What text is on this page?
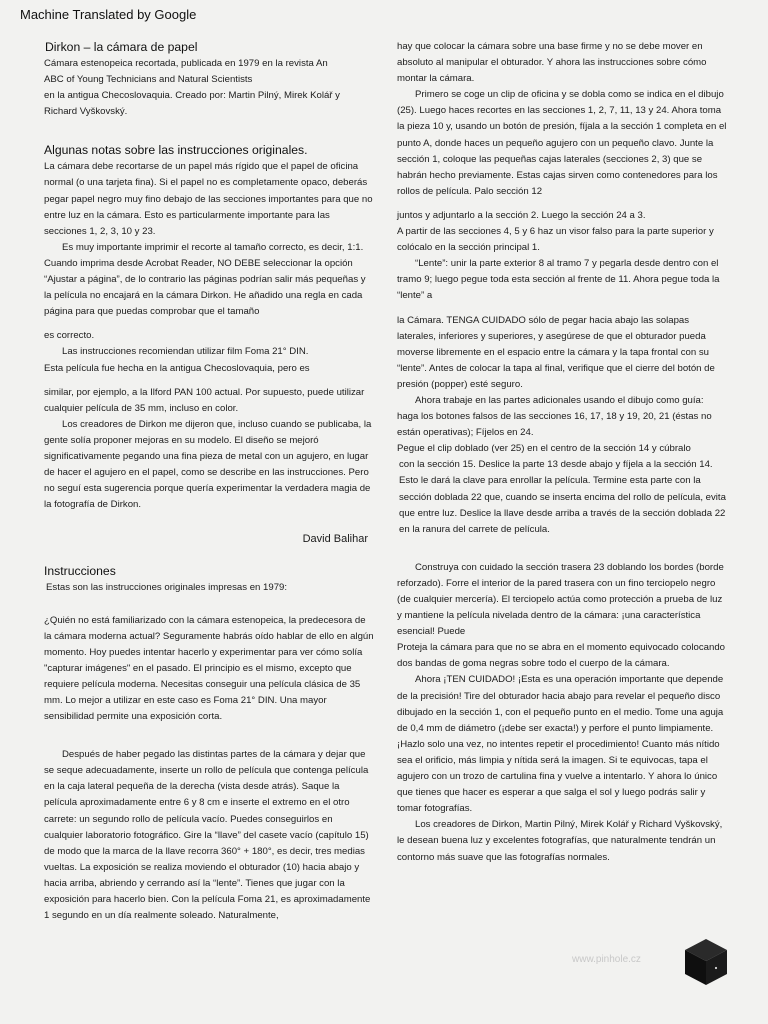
Machine Translated by Google

Dirkon – la cámara de papel

Cámara estenopeica recortada, publicada en 1979 en la revista An

ABC of Young Technicians and Natural Scientists

en la antigua Checoslovaquia. Creado por: Martin Pilný, Mirek Kolář y

Richard Vyškovský.

Algunas notas sobre las instrucciones originales.

La cámara debe recortarse de un papel más rígido que el papel de oficina normal (o una tarjeta fina). Si el papel no es completamente opaco, deberás pegar papel negro muy fino debajo de las secciones importantes para que no entre luz en la cámara. Esto es particularmente importante para las secciones 1, 2, 3, 10 y 23.

Es muy importante imprimir el recorte al tamaño correcto, es decir, 1:1. Cuando imprima desde Acrobat Reader, NO DEBE seleccionar la opción “Ajustar a página”, de lo contrario las páginas podrían salir más pequeñas y la película no encajará en la cámara Dirkon. He añadido una regla en cada página para que puedas comprobar que el tamaño

es correcto.

Las instrucciones recomiendan utilizar film Foma 21° DIN.

Esta película fue hecha en la antigua Checoslovaquia, pero es

similar, por ejemplo, a la Ilford PAN 100 actual. Por supuesto, puede utilizar cualquier película de 35 mm, incluso en color.

Los creadores de Dirkon me dijeron que, incluso cuando se publicaba, la gente solía proponer mejoras en su modelo. El diseño se mejoró significativamente pegando una fina pieza de metal con un agujero, en lugar de hacer el agujero en el papel, como se describe en las instrucciones. Pero no seguí esta sugerencia porque quería experimentar la verdadera magia de la fotografía de Dirkon.

David Balihar

Instrucciones

Estas son las instrucciones originales impresas en 1979:

¿Quién no está familiarizado con la cámara estenopeica, la predecesora de la cámara moderna actual? Seguramente habrás oído hablar de ello en algún momento. Hoy puedes intentar hacerlo y experimentar para ver cómo solía "capturar imágenes" en el pasado. El principio es el mismo, excepto que requiere película moderna. Necesitas conseguir una película clásica de 35 mm. Lo mejor a utilizar en este caso es Foma 21° DIN. Una mayor sensibilidad permite una exposición corta.

Después de haber pegado las distintas partes de la cámara y dejar que se seque adecuadamente, inserte un rollo de película que contenga película en la caja lateral pequeña de la derecha (vista desde atrás). Saque la película aproximadamente entre 6 y 8 cm e inserte el extremo en el otro carrete: un segundo rollo de película vacío. Puedes conseguirlos en cualquier laboratorio fotográfico. Gire la “llave” del casete vacío (capítulo 15) de modo que la marca de la llave recorra 360° + 180°, es decir, tres medias vueltas. La exposición se realiza moviendo el obturador (10) hacia abajo y hacia arriba, abriendo y cerrando así la “lente”. Tienes que jugar con la exposición para hacerlo bien. Con la película Foma 21, es aproximadamente 1 segundo en un día realmente soleado. Naturalmente,

hay que colocar la cámara sobre una base firme y no se debe mover en absoluto al manipular el obturador. Y ahora las instrucciones sobre cómo montar la cámara.

Primero se coge un clip de oficina y se dobla como se indica en el dibujo (25). Luego haces recortes en las secciones 1, 2, 7, 11, 13 y 24. Ahora toma la pieza 10 y, usando un botón de presión, fíjala a la sección 1 completa en el punto A, donde haces un pequeño agujero con un pequeño clavo. Junte la sección 1, coloque las pequeñas cajas laterales (secciones 2, 3) que se habrán hecho previamente. Estas cajas sirven como contenedores para los rollos de película. Palo sección 12

juntos y adjuntarlo a la sección 2. Luego la sección 24 a 3.

A partir de las secciones 4, 5 y 6 haz un visor falso para la parte superior y colócalo en la sección principal 1.

“Lente”: unir la parte exterior 8 al tramo 7 y pegarla desde dentro con el tramo 9; luego pegue toda esta sección al frente de 11. Ahora pegue toda la “lente” a

la Cámara. TENGA CUIDADO sólo de pegar hacia abajo las solapas laterales, inferiores y superiores, y asegúrese de que el obturador pueda moverse libremente en el espacio entre la cámara y la tapa frontal con su “lente”. Antes de colocar la tapa al final, verifique que el cierre del botón de presión (popper) esté seguro.

Ahora trabaje en las partes adicionales usando el dibujo como guía: haga los botones falsos de las secciones 16, 17, 18 y 19, 20, 21 (éstas no están operativas); Fíjelos en 24.

Pegue el clip doblado (ver 25) en el centro de la sección 14 y cúbralo

con la sección 15. Deslice la parte 13 desde abajo y fíjela a la sección 14. Esto le dará la clave para enrollar la película. Termine esta parte con la sección doblada 22 que, cuando se inserta encima del rollo de película, evita que entre luz. Deslice la llave desde arriba a través de la sección doblada 22 en la ranura del carrete de película.

Construya con cuidado la sección trasera 23 doblando los bordes (borde reforzado). Forre el interior de la pared trasera con un fino terciopelo negro (de cualquier mercería). El terciopelo actúa como protección a prueba de luz y mantiene la película nivelada dentro de la cámara: ¡una característica esencial! Puede

Proteja la cámara para que no se abra en el momento equivocado colocando dos bandas de goma negras sobre todo el cuerpo de la cámara.

Ahora ¡TEN CUIDADO! ¡Esta es una operación importante que depende de la precisión! Tire del obturador hacia abajo para revelar el pequeño disco dibujado en la sección 1, con el pequeño punto en el medio. Tome una aguja de 0,4 mm de diámetro (¡debe ser exacta!) y perfore el punto limpiamente. ¡Hazlo solo una vez, no intentes repetir el procedimiento! Cuanto más nítido sea el orificio, más limpia y nítida será la imagen. Si te equivocas, tapa el agujero con un trozo de cartulina fina y vuelve a intentarlo. Y ahora lo único que tienes que hacer es esperar a que salga el sol y luego podrás salir y tomar fotografías.

Los creadores de Dirkon, Martin Pilný, Mirek Kolář y Richard Vyškovský, le desean buena luz y excelentes fotografías, que naturalmente tendrán un contorno más suave que las fotografías normales.

www.pinhole.cz
